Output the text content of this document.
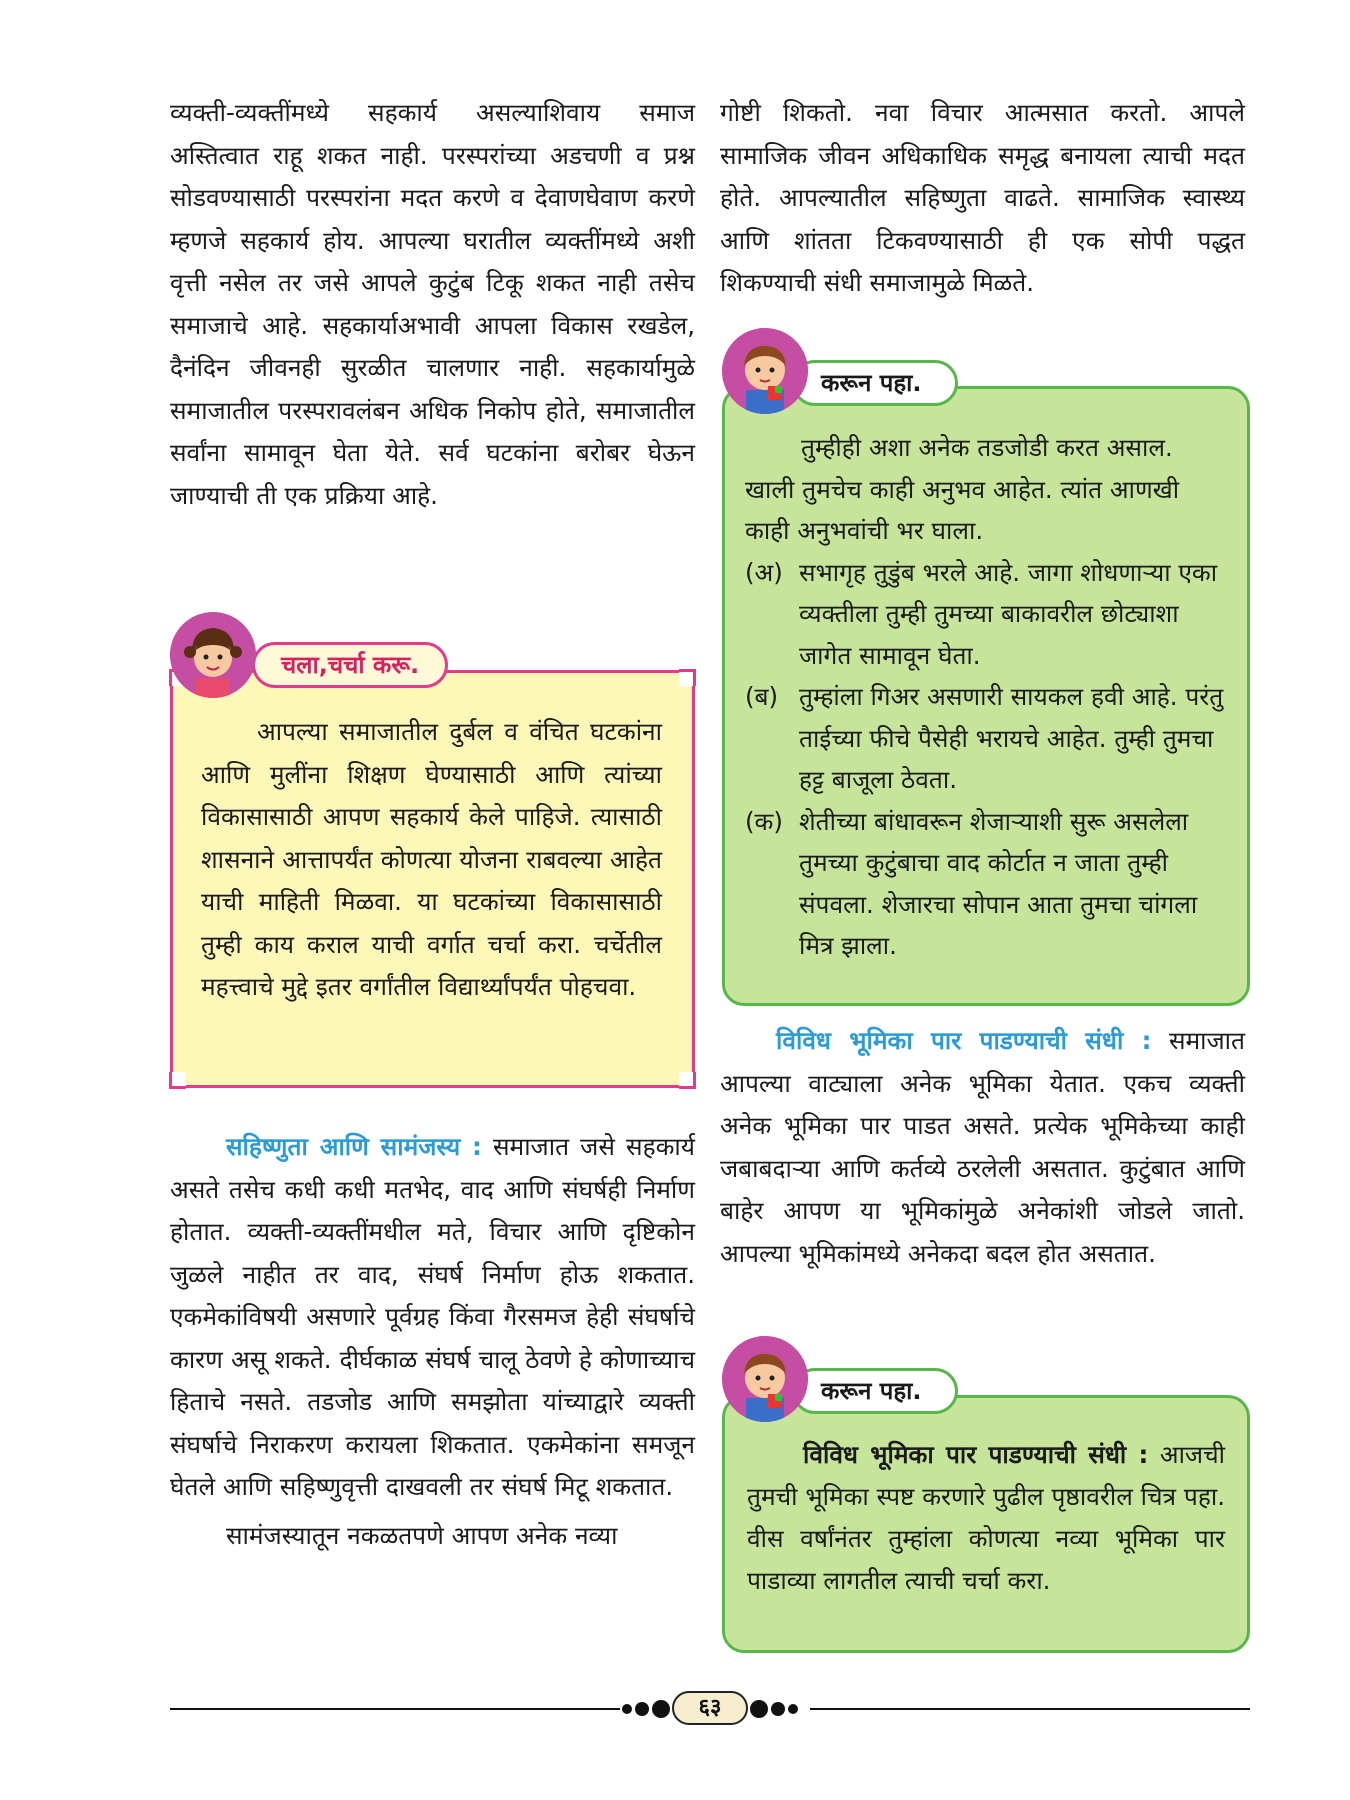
व्यक्ती-व्यक्तींमध्ये सहकार्य असल्याशिवाय समाज अस्तित्वात राहू शकत नाही. परस्परांच्या अडचणी व प्रश्न सोडवण्यासाठी परस्परांना मदत करणे व देवाणघेवाण करणे म्हणजे सहकार्य होय. आपल्या घरातील व्यक्तींमध्ये अशी वृत्ती नसेल तर जसे आपले कुटुंब टिकू शकत नाही तसेच समाजाचे आहे. सहकार्याअभावी आपला विकास रखडेल, दैनंदिन जीवनही सुरळीत चालणार नाही. सहकार्यामुळे समाजातील परस्परावलंबन अधिक निकोप होते, समाजातील सर्वांना सामावून घेता येते. सर्व घटकांना बरोबर घेऊन जाण्याची ती एक प्रक्रिया आहे.

चला,चर्चा करू.

आपल्या समाजातील दुर्बल व वंचित घटकांना आणि मुलींना शिक्षण घेण्यासाठी आणि त्यांच्या विकासासाठी आपण सहकार्य केले पाहिजे. त्यासाठी शासनाने आत्तापर्यंत कोणत्या योजना राबवल्या आहेत याची माहिती मिळवा. या घटकांच्या विकासासाठी तुम्ही काय कराल याची वर्गात चर्चा करा. चर्चेतील महत्त्वाचे मुद्दे इतर वर्गांतील विद्यार्थ्यांपर्यंत पोहचवा.

सहिष्णुता आणि सामंजस्य : समाजात जसे सहकार्य असते तसेच कधी कधी मतभेद, वाद आणि संघर्षही निर्माण होतात. व्यक्ती-व्यक्तींमधील मते, विचार आणि दृष्टिकोन जुळले नाहीत तर वाद, संघर्ष निर्माण होऊ शकतात. एकमेकांविषयी असणारे पूर्वग्रह किंवा गैरसमज हेही संघर्षाचे कारण असू शकते. दीर्घकाळ संघर्ष चालू ठेवणे हे कोणाच्याच हिताचे नसते. तडजोड आणि समझोता यांच्याद्वारे व्यक्ती संघर्षाचे निराकरण करायला शिकतात. एकमेकांना समजून घेतले आणि सहिष्णुवृत्ती दाखवली तर संघर्ष मिटू शकतात.

सामंजस्यातून नकळतपणे आपण अनेक नव्या

गोष्टी शिकतो. नवा विचार आत्मसात करतो. आपले सामाजिक जीवन अधिकाधिक समृद्ध बनायला त्याची मदत होते. आपल्यातील सहिष्णुता वाढते. सामाजिक स्वास्थ्य आणि शांतता टिकवण्यासाठी ही एक सोपी पद्धत शिकण्याची संधी समाजामुळे मिळते.

करून पहा.

तुम्हीही अशा अनेक तडजोडी करत असाल. खाली तुमचेच काही अनुभव आहेत. त्यांत आणखी काही अनुभवांची भर घाला.

(अ) सभागृह तुडुंब भरले आहे. जागा शोधणाऱ्या एका व्यक्तीला तुम्ही तुमच्या बाकावरील छोट्याशा जागेत सामावून घेता.
(ब) तुम्हांला गिअर असणारी सायकल हवी आहे. परंतु ताईच्या फीचे पैसेही भरायचे आहेत. तुम्ही तुमचा हट्ट बाजूला ठेवता.
(क) शेतीच्या बांधावरून शेजाऱ्याशी सुरू असलेला तुमच्या कुटुंबाचा वाद कोर्टात न जाता तुम्ही संपवला. शेजारचा सोपान आता तुमचा चांगला मित्र झाला.

विविध भूमिका पार पाडण्याची संधी : समाजात आपल्या वाट्याला अनेक भूमिका येतात. एकच व्यक्ती अनेक भूमिका पार पाडत असते. प्रत्येक भूमिकेच्या काही जबाबदाऱ्या आणि कर्तव्ये ठरलेली असतात. कुटुंबात आणि बाहेर आपण या भूमिकांमुळे अनेकांशी जोडले जातो. आपल्या भूमिकांमध्ये अनेकदा बदल होत असतात.

करून पहा.

विविध भूमिका पार पाडण्याची संधी : आजची तुमची भूमिका स्पष्ट करणारे पुढील पृष्ठावरील चित्र पहा. वीस वर्षांनंतर तुम्हांला कोणत्या नव्या भूमिका पार पाडाव्या लागतील त्याची चर्चा करा.

६३
